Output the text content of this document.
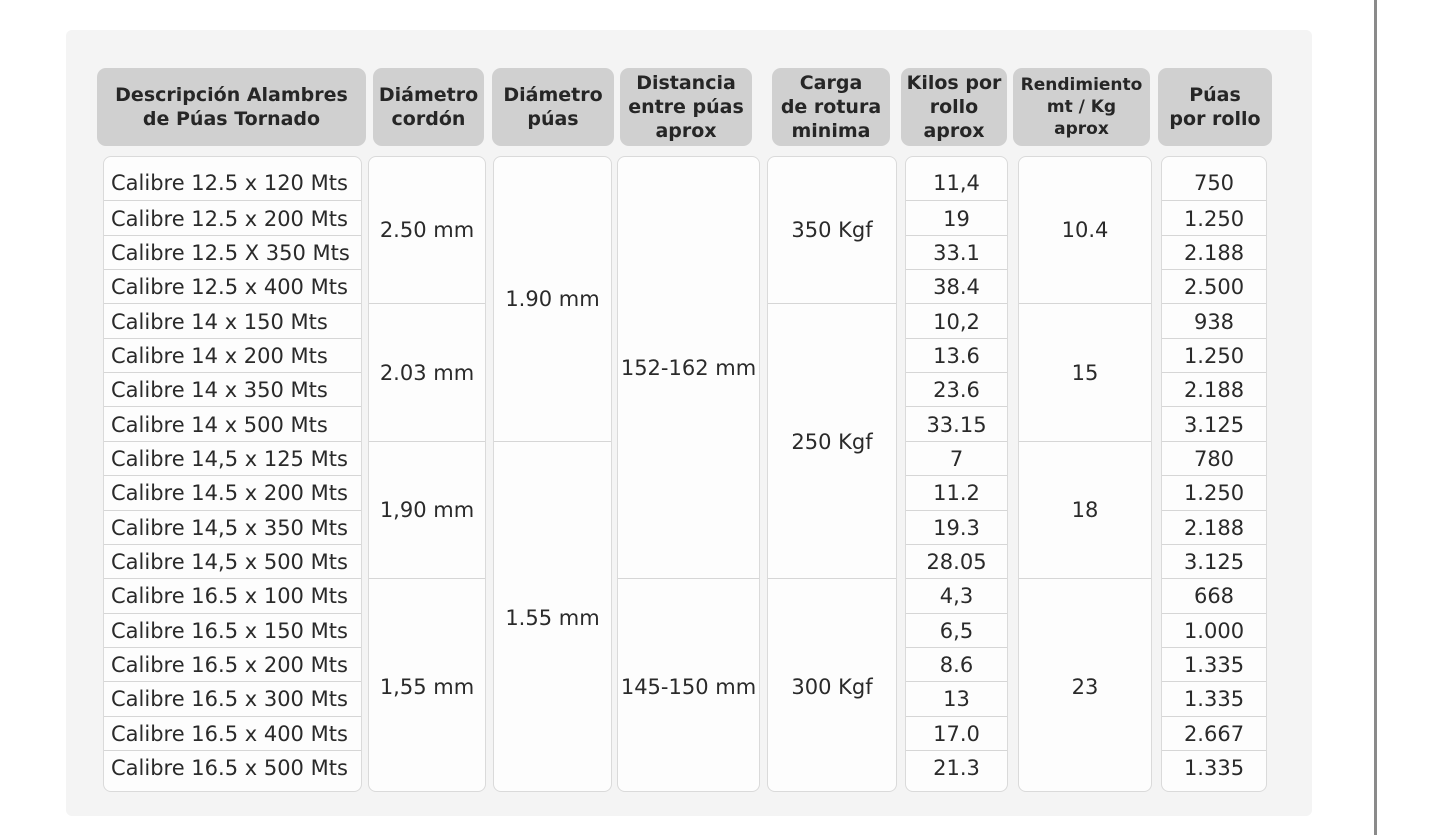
Descripción Alambres
de Púas Tornado
Diámetro
cordón
Diámetro
púas
Distancia
entre púas
aprox
Carga
de rotura
minima
Kilos por
rollo
aprox
Rendimiento
mt / Kg
aprox
Púas
por rollo
Calibre 12.5 x 120 Mts
Calibre 12.5 x 200 Mts
Calibre 12.5 X 350 Mts
Calibre 12.5 x 400 Mts
Calibre 14 x 150 Mts
Calibre 14 x 200 Mts
Calibre 14 x 350 Mts
Calibre 14 x 500 Mts
Calibre 14,5 x 125 Mts
Calibre 14.5 x 200 Mts
Calibre 14,5 x 350 Mts
Calibre 14,5 x 500 Mts
Calibre 16.5 x 100 Mts
Calibre 16.5 x 150 Mts
Calibre 16.5 x 200 Mts
Calibre 16.5 x 300 Mts
Calibre 16.5 x 400 Mts
Calibre 16.5 x 500 Mts
2.50 mm
2.03 mm
1,90 mm
1,55 mm
1.90 mm
1.55 mm
152-162 mm
145-150 mm
350 Kgf
250 Kgf
300 Kgf
11,4
19
33.1
38.4
10,2
13.6
23.6
33.15
7
11.2
19.3
28.05
4,3
6,5
8.6
13
17.0
21.3
10.4
15
18
23
750
1.250
2.188
2.500
938
1.250
2.188
3.125
780
1.250
2.188
3.125
668
1.000
1.335
1.335
2.667
1.335
